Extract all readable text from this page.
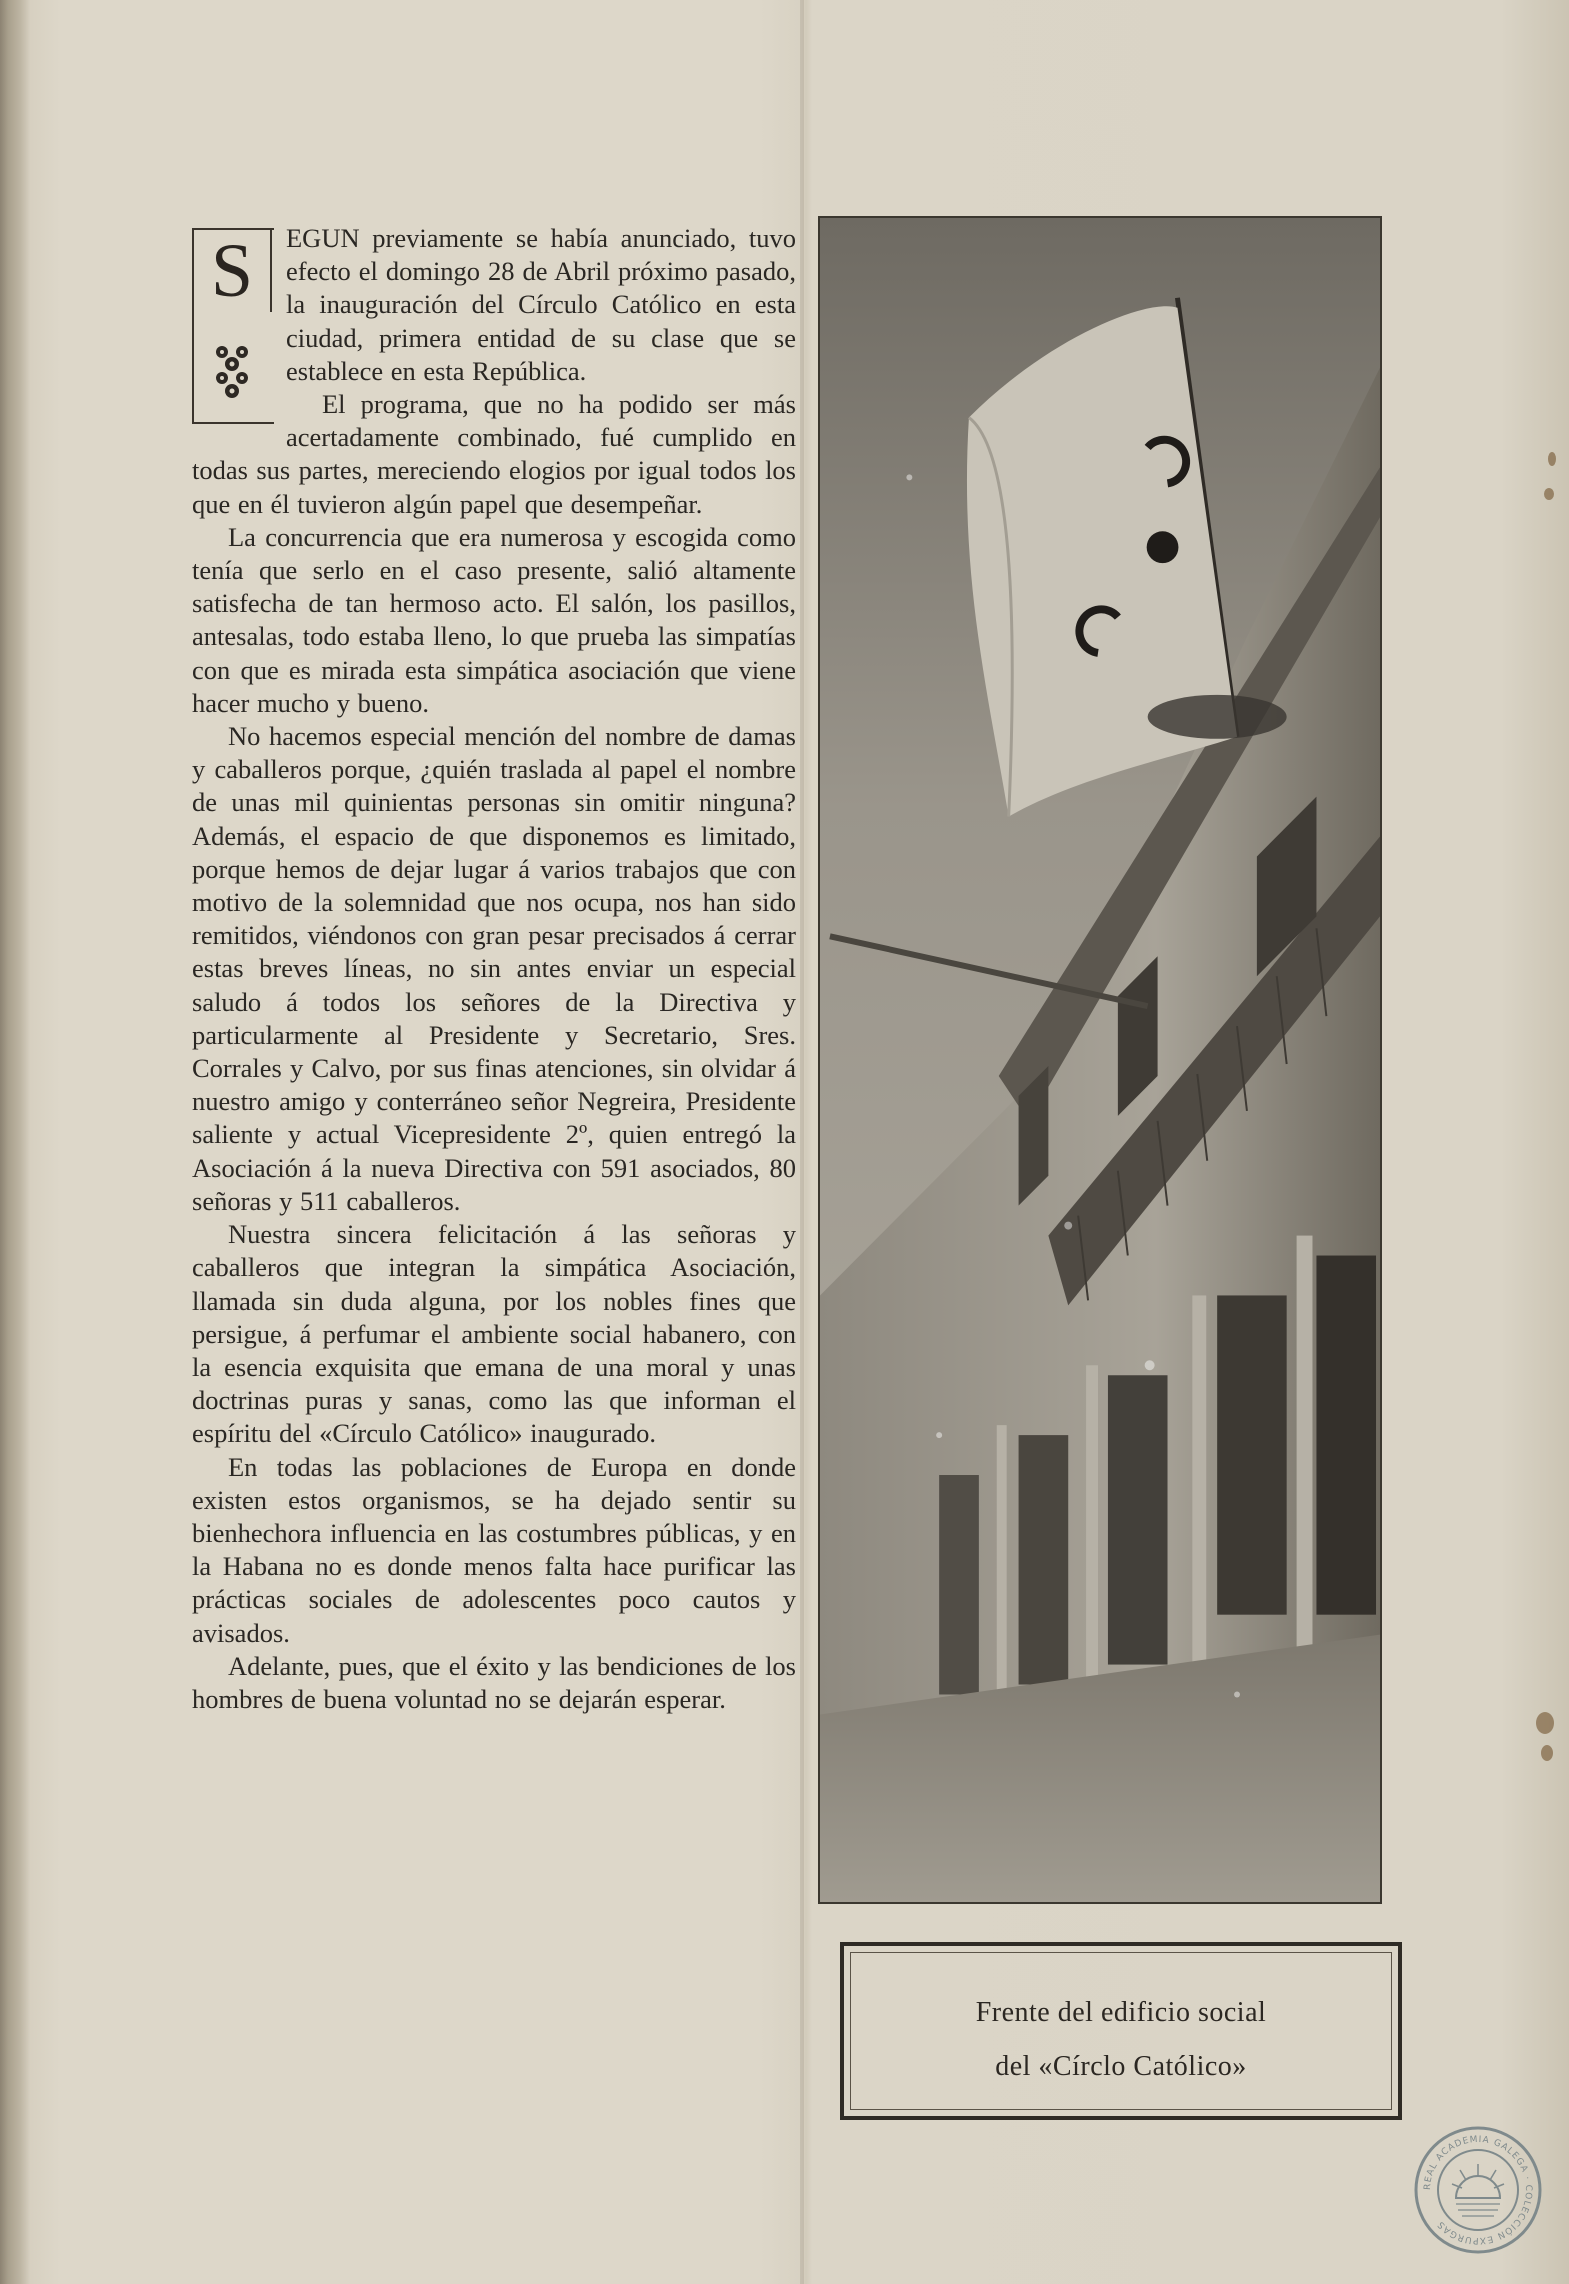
S	EGUN previamente se había anunciado, tuvo efecto el domingo 28 de Abril próximo pasado, la inauguración del Círculo Católico en esta ciudad, primera entidad de su clase que se establece en esta República.

El programa, que no ha podido ser más acertadamente combinado, fué cumplido en todas sus partes, mereciendo elogios por igual todos los que en él tuvieron algún papel que desempeñar.

La concurrencia que era numerosa y escogida como tenía que serlo en el caso presente, salió altamente satisfecha de tan hermoso acto. El salón, los pasillos, antesalas, todo estaba lleno, lo que prueba las simpatías con que es mirada esta simpática asociación que viene hacer mucho y bueno.

No hacemos especial mención del nombre de damas y caballeros porque, ¿quién traslada al papel el nombre de unas mil quinientas personas sin omitir ninguna? Además, el espacio de que disponemos es limitado, porque hemos de dejar lugar á varios trabajos que con motivo de la solemnidad que nos ocupa, nos han sido remitidos, viéndonos con gran pesar precisados á cerrar estas breves líneas, no sin antes enviar un especial saludo á todos los señores de la Directiva y particularmente al Presidente y Secretario, Sres. Corrales y Calvo, por sus finas atenciones, sin olvidar á nuestro amigo y conterráneo señor Negreira, Presidente saliente y actual Vicepresidente 2º, quien entregó la Asociación á la nueva Directiva con 591 asociados, 80 señoras y 511 caballeros.

Nuestra sincera felicitación á las señoras y caballeros que integran la simpática Asociación, llamada sin duda alguna, por los nobles fines que persigue, á perfumar el ambiente social habanero, con la esencia exquisita que emana de una moral y unas doctrinas puras y sanas, como las que informan el espíritu del «Círculo Católico» inaugurado.

En todas las poblaciones de Europa en donde existen estos organismos, se ha dejado sentir su bienhechora influencia en las costumbres públicas, y en la Habana no es donde menos falta hace purificar las prácticas sociales de adolescentes poco cautos y avisados.

Adelante, pues, que el éxito y las bendiciones de los hombres de buena voluntad no se dejarán esperar.

Frente del edificio social
del «Círclo Católico»
REAL ACADEMIA GALEGA · COLECCIÓN EXPURGAS
